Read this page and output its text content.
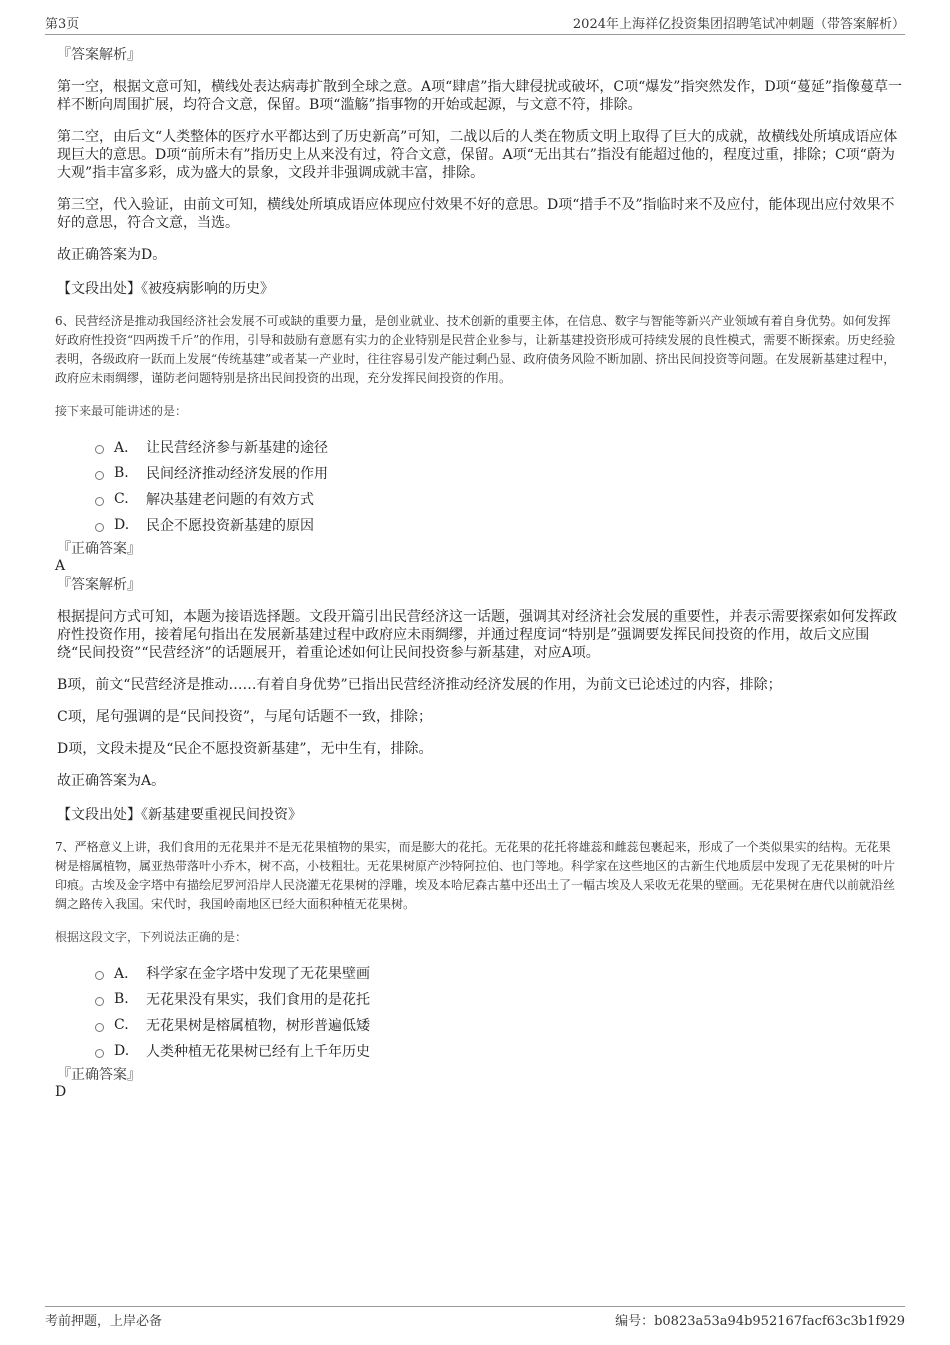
第3页	2024年上海祥亿投资集团招聘笔试冲刺题（带答案解析）
『答案解析』

第一空，根据文意可知，横线处表达病毒扩散到全球之意。A项“肆虐”指大肆侵扰或破坏，C项“爆发”指突然发作，D项“蔓延”指像蔓草一样不断向周围扩展，均符合文意，保留。B项“滥觞”指事物的开始或起源，与文意不符，排除。

第二空，由后文“人类整体的医疗水平都达到了历史新高”可知，二战以后的人类在物质文明上取得了巨大的成就，故横线处所填成语应体现巨大的意思。D项“前所未有”指历史上从来没有过，符合文意，保留。A项“无出其右”指没有能超过他的，程度过重，排除；C项“蔚为大观”指丰富多彩，成为盛大的景象，文段并非强调成就丰富，排除。

第三空，代入验证，由前文可知，横线处所填成语应体现应付效果不好的意思。D项“措手不及”指临时来不及应付，能体现出应付效果不好的意思，符合文意，当选。

故正确答案为D。

【文段出处】《被疫病影响的历史》

6、民营经济是推动我国经济社会发展不可或缺的重要力量，是创业就业、技术创新的重要主体，在信息、数字与智能等新兴产业领域有着自身优势。如何发挥好政府性投资“四两拨千斤”的作用，引导和鼓励有意愿有实力的企业特别是民营企业参与，让新基建投资形成可持续发展的良性模式，需要不断探索。历史经验表明，各级政府一跃而上发展“传统基建”或者某一产业时，往往容易引发产能过剩凸显、政府债务风险不断加剧、挤出民间投资等问题。在发展新基建过程中，政府应未雨绸缪，谨防老问题特别是挤出民间投资的出现，充分发挥民间投资的作用。

接下来最可能讲述的是：

A． 让民营经济参与新基建的途径
B.	民间经济推动经济发展的作用
C.	解决基建老问题的有效方式
D.	民企不愿投资新基建的原因
『正确答案』
A
『答案解析』

根据提问方式可知，本题为接语选择题。文段开篇引出民营经济这一话题，强调其对经济社会发展的重要性，并表示需要探索如何发挥政府性投资作用，接着尾句指出在发展新基建过程中政府应未雨绸缪，并通过程度词“特别是”强调要发挥民间投资的作用，故后文应围绕“民间投资”“民营经济”的话题展开，着重论述如何让民间投资参与新基建，对应A项。

B项，前文“民营经济是推动……有着自身优势”已指出民营经济推动经济发展的作用，为前文已论述过的内容，排除；

C项，尾句强调的是“民间投资”，与尾句话题不一致，排除；

D项，文段未提及“民企不愿投资新基建”，无中生有，排除。

故正确答案为A。

【文段出处】《新基建要重视民间投资》

7、严格意义上讲，我们食用的无花果并不是无花果植物的果实，而是膨大的花托。无花果的花托将雄蕊和雌蕊包裹起来，形成了一个类似果实的结构。无花果树是榕属植物，属亚热带落叶小乔木，树不高，小枝粗壮。无花果树原产沙特阿拉伯、也门等地。科学家在这些地区的古新生代地质层中发现了无花果树的叶片印痕。古埃及金字塔中有描绘尼罗河沿岸人民浇灌无花果树的浮雕，埃及本哈尼森古墓中还出土了一幅古埃及人采收无花果的壁画。无花果树在唐代以前就沿丝绸之路传入我国。宋代时，我国岭南地区已经大面积种植无花果树。

根据这段文字，下列说法正确的是：

A． 科学家在金字塔中发现了无花果壁画
B.	无花果没有果实，我们食用的是花托
C.	无花果树是榕属植物，树形普遍低矮
D.	人类种植无花果树已经有上千年历史
『正确答案』
D
考前押题，上岸必备	编号：b0823a53a94b952167facf63c3b1f929
